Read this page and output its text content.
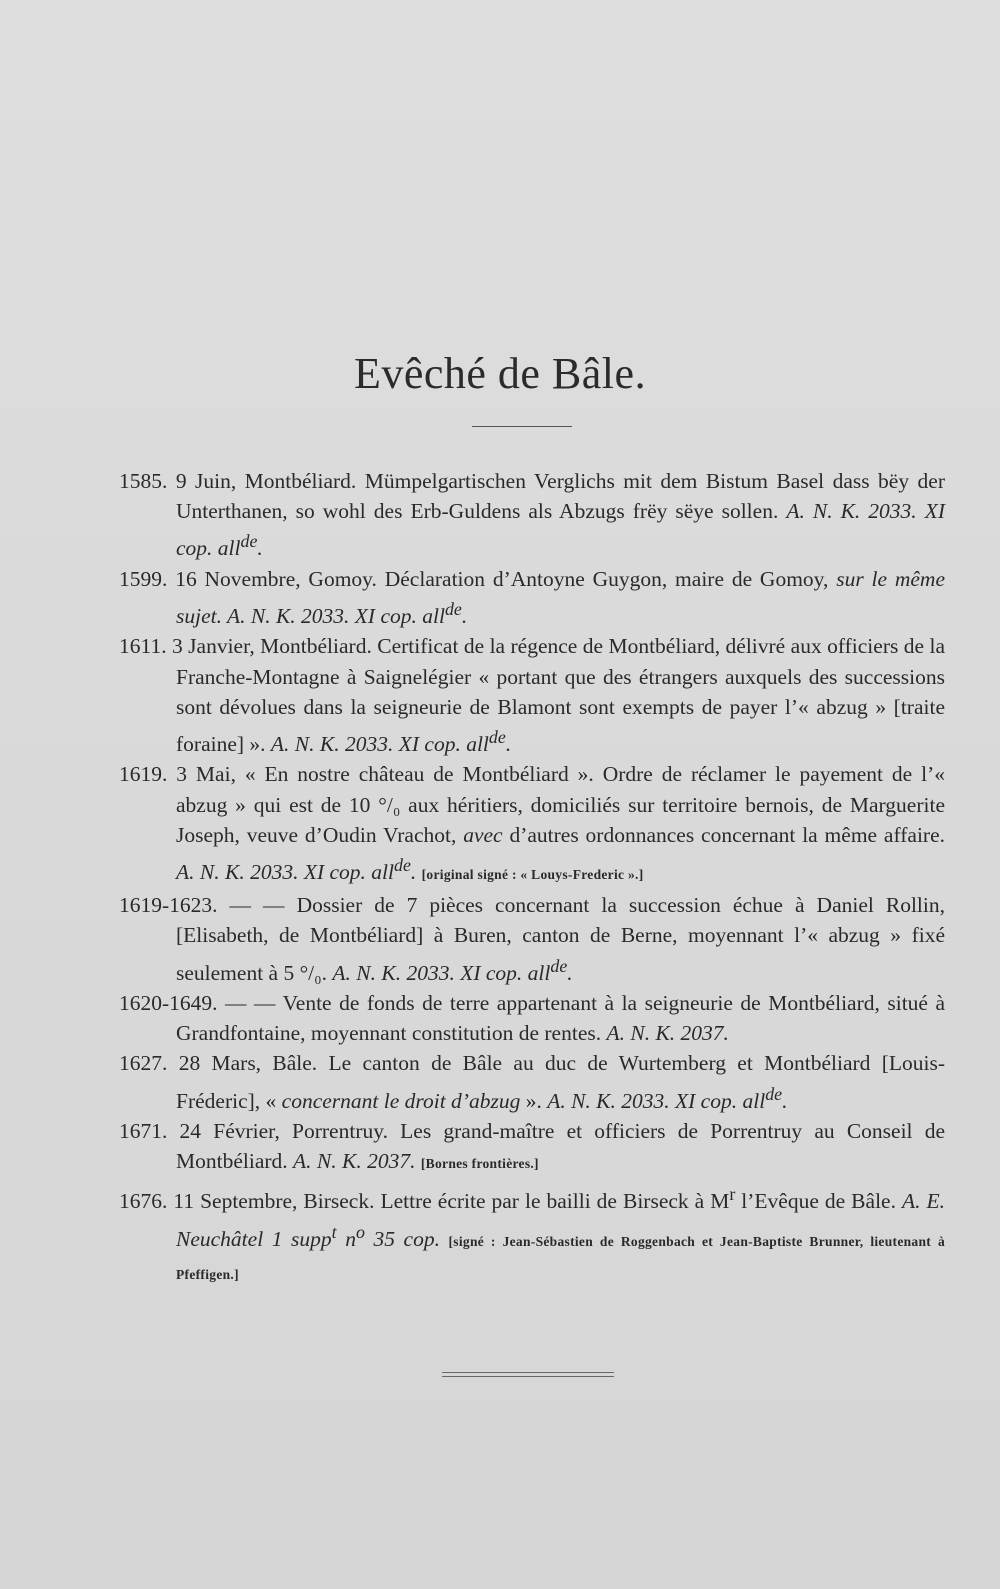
Evêché de Bâle.

1585. 9 Juin, Montbéliard. Mümpelgartischen Verglichs mit dem Bistum Basel dass bëy der Unterthanen, so wohl des Erb-Guldens als Abzugs frëy sëye sollen. A. N. K. 2033. XI cop. all$^{de}$.

1599. 16 Novembre, Gomoy. Déclaration d’Antoyne Guygon, maire de Gomoy, sur le même sujet. A. N. K. 2033. XI cop. all$^{de}$.

1611. 3 Janvier, Montbéliard. Certificat de la régence de Montbéliard, délivré aux officiers de la Franche-Montagne à Saignelégier « portant que des étrangers auxquels des successions sont dévolues dans la seigneurie de Blamont sont exempts de payer l’« abzug » [traite foraine] ». A. N. K. 2033. XI cop. all$^{de}$.

1619. 3 Mai, « En nostre château de Montbéliard ». Ordre de réclamer le payement de l’« abzug » qui est de 10 °/₀ aux héritiers, domiciliés sur territoire bernois, de Marguerite Joseph, veuve d’Oudin Vrachot, avec d’autres ordonnances concernant la même affaire. A. N. K. 2033. XI cop. all$^{de}$. [original signé : « Louys-Frederic ».]

1619-1623. — — Dossier de 7 pièces concernant la succession échue à Daniel Rollin, [Elisabeth, de Montbéliard] à Buren, canton de Berne, moyennant l’« abzug » fixé seulement à 5 °/₀. A. N. K. 2033. XI cop. all$^{de}$.

1620-1649. — — Vente de fonds de terre appartenant à la seigneurie de Montbéliard, situé à Grandfontaine, moyennant constitution de rentes. A. N. K. 2037.

1627. 28 Mars, Bâle. Le canton de Bâle au duc de Wurtemberg et Montbéliard [Louis-Fréderic], « concernant le droit d’abzug ». A. N. K. 2033. XI cop. all$^{de}$.

1671. 24 Février, Porrentruy. Les grand-maître et officiers de Porrentruy au Conseil de Montbéliard. A. N. K. 2037. [Bornes frontières.]

1676. 11 Septembre, Birseck. Lettre écrite par le bailli de Birseck à $M^r$ l’Evêque de Bâle. A. E. Neuchâtel 1 supp$^t$ n$^o$ 35 cop. [signé : Jean-Sébastien de Roggenbach et Jean-Baptiste Brunner, lieutenant à Pfeffigen.]
